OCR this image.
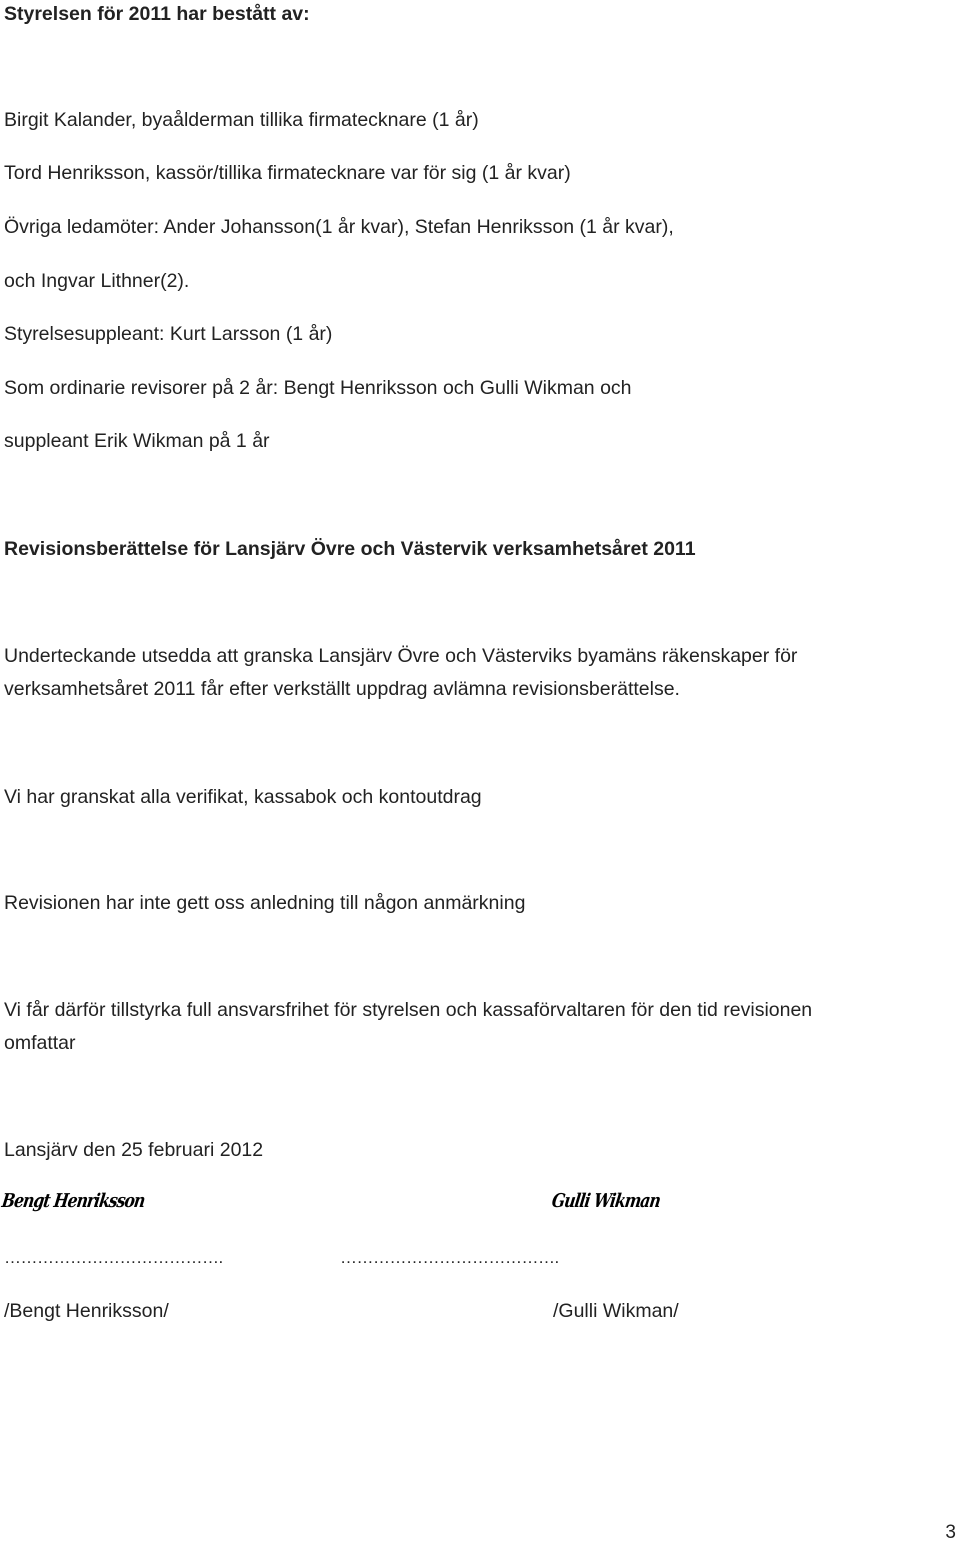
Styrelsen för 2011 har bestått av:
Birgit Kalander, byaålderman tillika firmatecknare (1 år)
Tord Henriksson, kassör/tillika firmatecknare var för sig (1 år kvar)
Övriga ledamöter: Ander Johansson(1 år kvar), Stefan Henriksson (1 år kvar),
och Ingvar Lithner(2).
Styrelsesuppleant: Kurt Larsson (1 år)
Som ordinarie revisorer på 2 år: Bengt Henriksson och Gulli Wikman och
suppleant Erik Wikman på 1 år
Revisionsberättelse för Lansjärv Övre och Västervik verksamhetsåret 2011
Underteckande utsedda att granska Lansjärv Övre och Västerviks byamäns räkenskaper för
verksamhetsåret 2011 får efter verkställt uppdrag avlämna revisionsberättelse.
Vi har granskat alla verifikat, kassabok och kontoutdrag
Revisionen har inte gett oss anledning till någon anmärkning
Vi får därför tillstyrka full ansvarsfrihet för styrelsen och kassaförvaltaren för den tid revisionen
omfattar
Lansjärv den 25 februari 2012
Bengt Henriksson	Gulli Wikman
………………………………….	………………………………….
/Bengt Henriksson/	/Gulli Wikman/
3
